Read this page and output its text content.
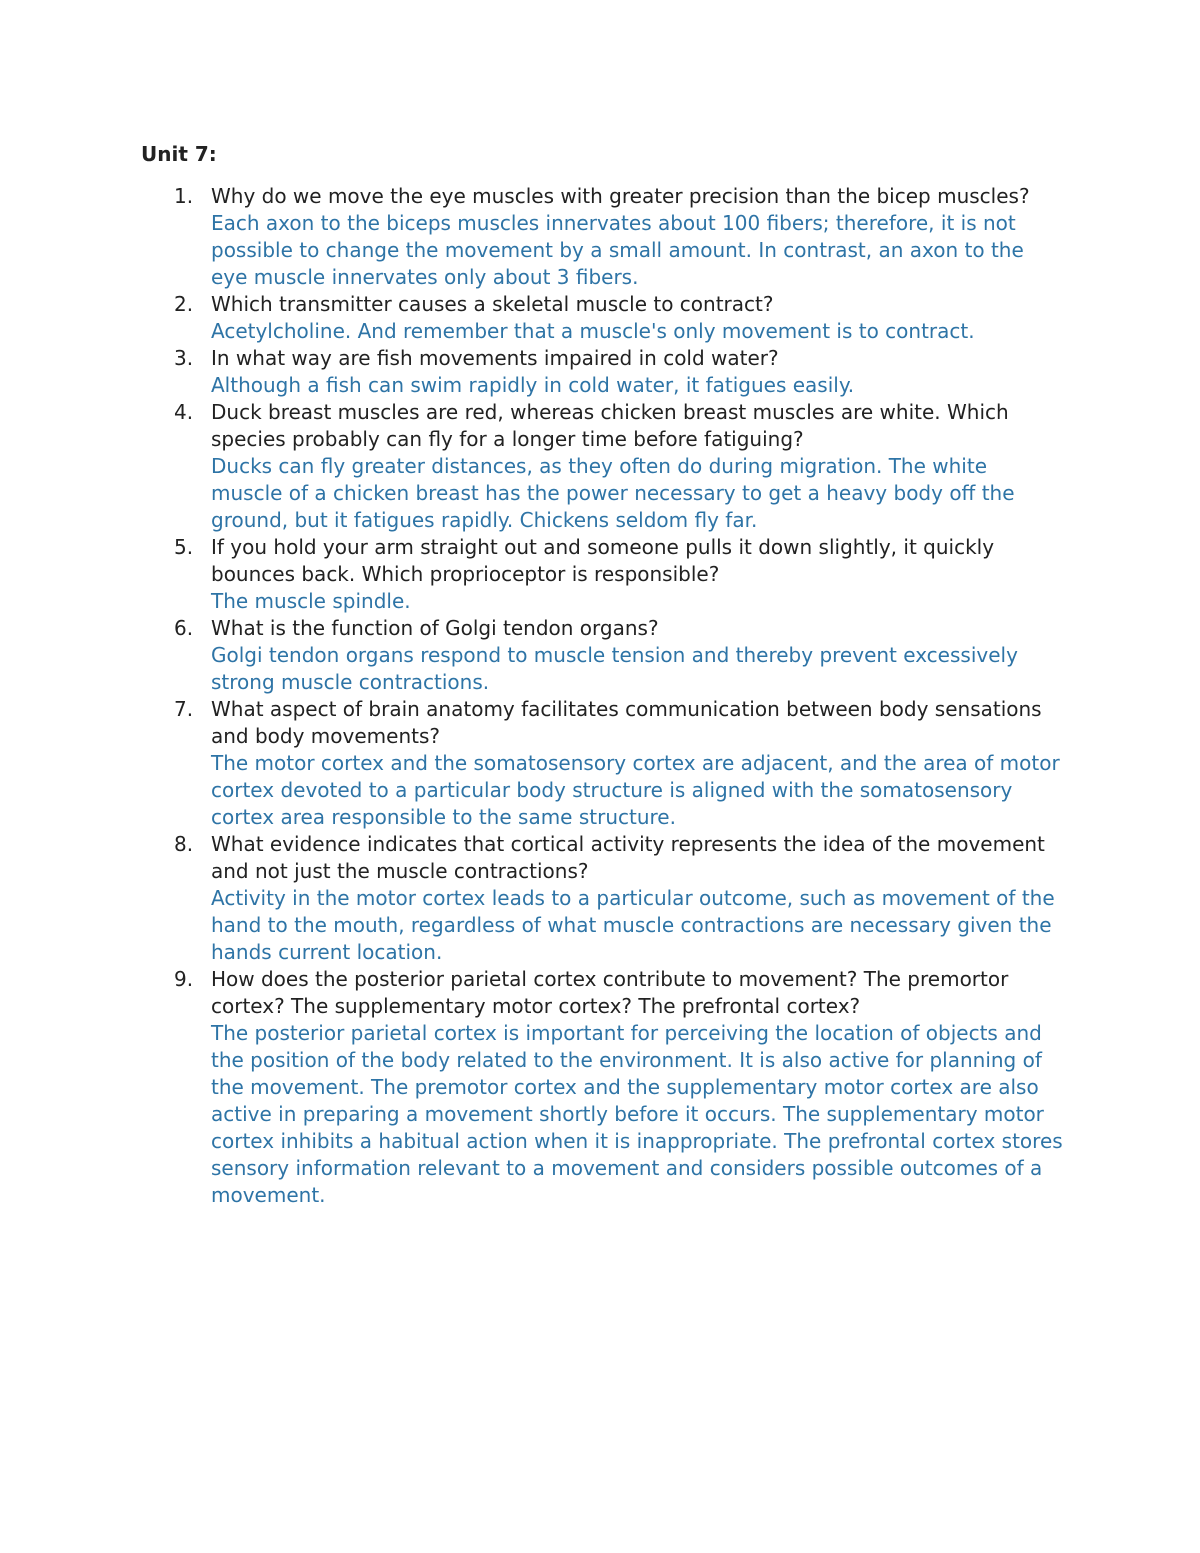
Unit 7:
1. Why do we move the eye muscles with greater precision than the bicep muscles?
Each axon to the biceps muscles innervates about 100 fibers; therefore, it is not possible to change the movement by a small amount. In contrast, an axon to the eye muscle innervates only about 3 fibers.
2. Which transmitter causes a skeletal muscle to contract?
Acetylcholine. And remember that a muscle's only movement is to contract.
3. In what way are fish movements impaired in cold water?
Although a fish can swim rapidly in cold water, it fatigues easily.
4. Duck breast muscles are red, whereas chicken breast muscles are white. Which species probably can fly for a longer time before fatiguing?
Ducks can fly greater distances, as they often do during migration. The white muscle of a chicken breast has the power necessary to get a heavy body off the ground, but it fatigues rapidly. Chickens seldom fly far.
5. If you hold your arm straight out and someone pulls it down slightly, it quickly bounces back. Which proprioceptor is responsible?
The muscle spindle.
6. What is the function of Golgi tendon organs?
Golgi tendon organs respond to muscle tension and thereby prevent excessively strong muscle contractions.
7. What aspect of brain anatomy facilitates communication between body sensations and body movements?
The motor cortex and the somatosensory cortex are adjacent, and the area of motor cortex devoted to a particular body structure is aligned with the somatosensory cortex area responsible to the same structure.
8. What evidence indicates that cortical activity represents the idea of the movement and not just the muscle contractions?
Activity in the motor cortex leads to a particular outcome, such as movement of the hand to the mouth, regardless of what muscle contractions are necessary given the hands current location.
9. How does the posterior parietal cortex contribute to movement? The premortor cortex? The supplementary motor cortex? The prefrontal cortex?
The posterior parietal cortex is important for perceiving the location of objects and the position of the body related to the environment. It is also active for planning of the movement. The premotor cortex and the supplementary motor cortex are also active in preparing a movement shortly before it occurs. The supplementary motor cortex inhibits a habitual action when it is inappropriate. The prefrontal cortex stores sensory information relevant to a movement and considers possible outcomes of a movement.
